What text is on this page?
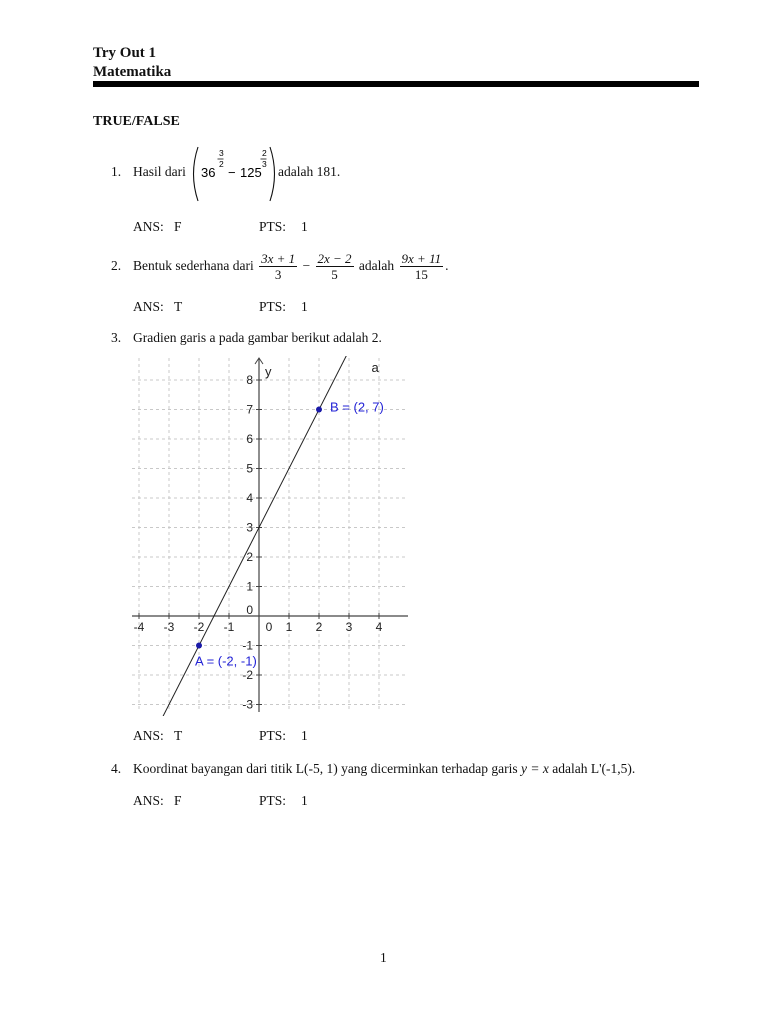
Try Out 1
Matematika
TRUE/FALSE
1. Hasil dari 36
3
2
− 125
2
3 adalah 181.
ANS: F	PTS: 1
2. Bentuk sederhana dari $\frac{3x + 1}{3} - \frac{2x - 2}{5}$ adalah $\frac{9x + 11}{15}$ .
ANS: T	PTS: 1
3. Gradien garis a pada gambar berikut adalah 2.
-4 -3 -2 -1	0 1 2 3 4
8
7
6
5
4
3
2
1
0
-1
-2
-3
y	a
A = (-2, -1)
B = (2, 7)
ANS: T	PTS: 1
4. Koordinat bayangan dari titik L(-5, 1) yang dicerminkan terhadap garis y = x adalah L'(-1,5).
ANS: F	PTS: 1
1
